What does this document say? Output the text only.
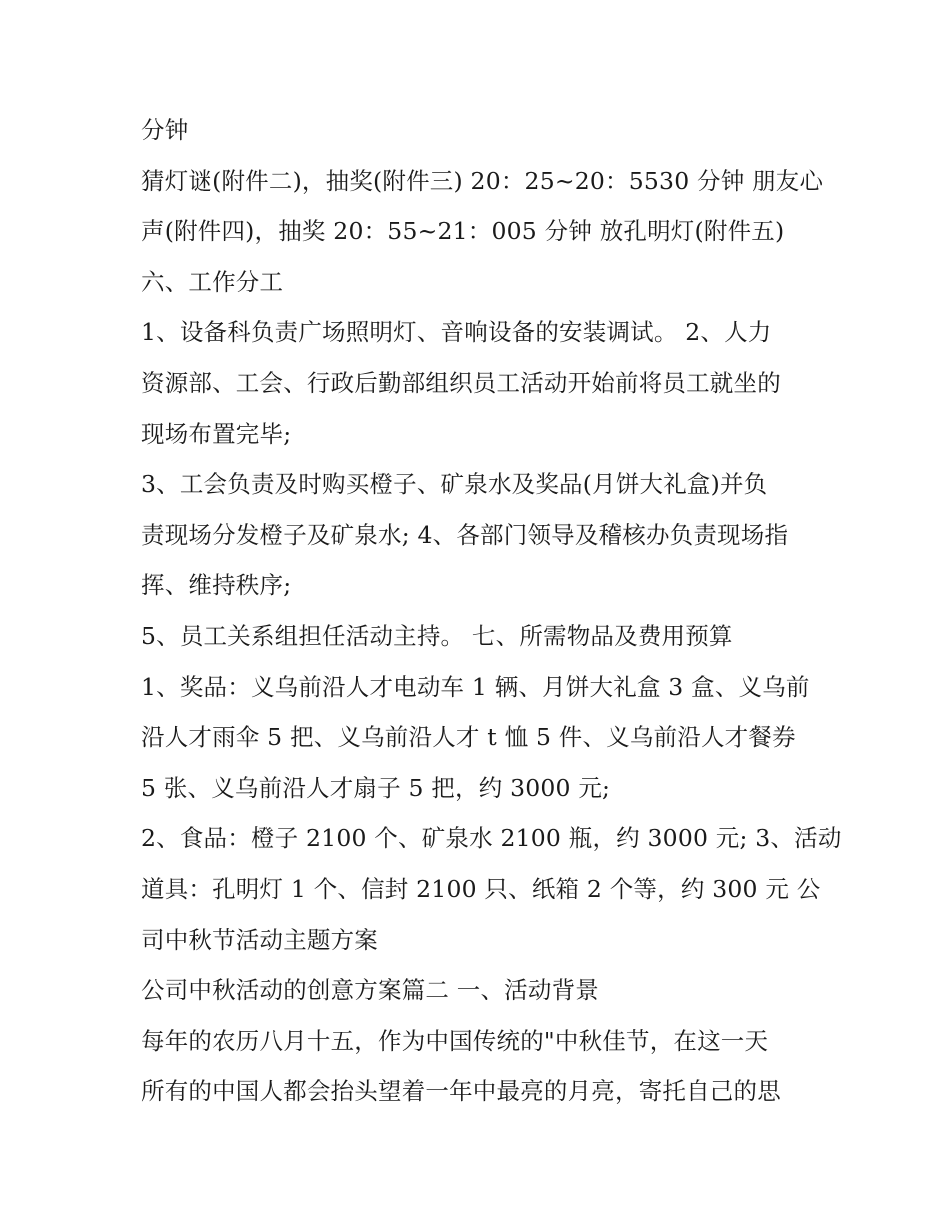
分钟
猜灯谜(附件二)，抽奖(附件三) 20：25~20：5530 分钟 朋友心
声(附件四)，抽奖 20：55~21：005 分钟 放孔明灯(附件五)
六、工作分工
1、设备科负责广场照明灯、音响设备的安装调试。 2、人力
资源部、工会、行政后勤部组织员工活动开始前将员工就坐的
现场布置完毕;
3、工会负责及时购买橙子、矿泉水及奖品(月饼大礼盒)并负
责现场分发橙子及矿泉水; 4、各部门领导及稽核办负责现场指
挥、维持秩序;
5、员工关系组担任活动主持。 七、所需物品及费用预算
1、奖品：义乌前沿人才电动车 1 辆、月饼大礼盒 3 盒、义乌前
沿人才雨伞 5 把、义乌前沿人才 t 恤 5 件、义乌前沿人才餐券
5 张、义乌前沿人才扇子 5 把，约 3000 元;
2、食品：橙子 2100 个、矿泉水 2100 瓶，约 3000 元; 3、活动
道具：孔明灯 1 个、信封 2100 只、纸箱 2 个等，约 300 元 公
司中秋节活动主题方案
公司中秋活动的创意方案篇二 一、活动背景
每年的农历八月十五，作为中国传统的"中秋佳节，在这一天
所有的中国人都会抬头望着一年中最亮的月亮，寄托自己的思
